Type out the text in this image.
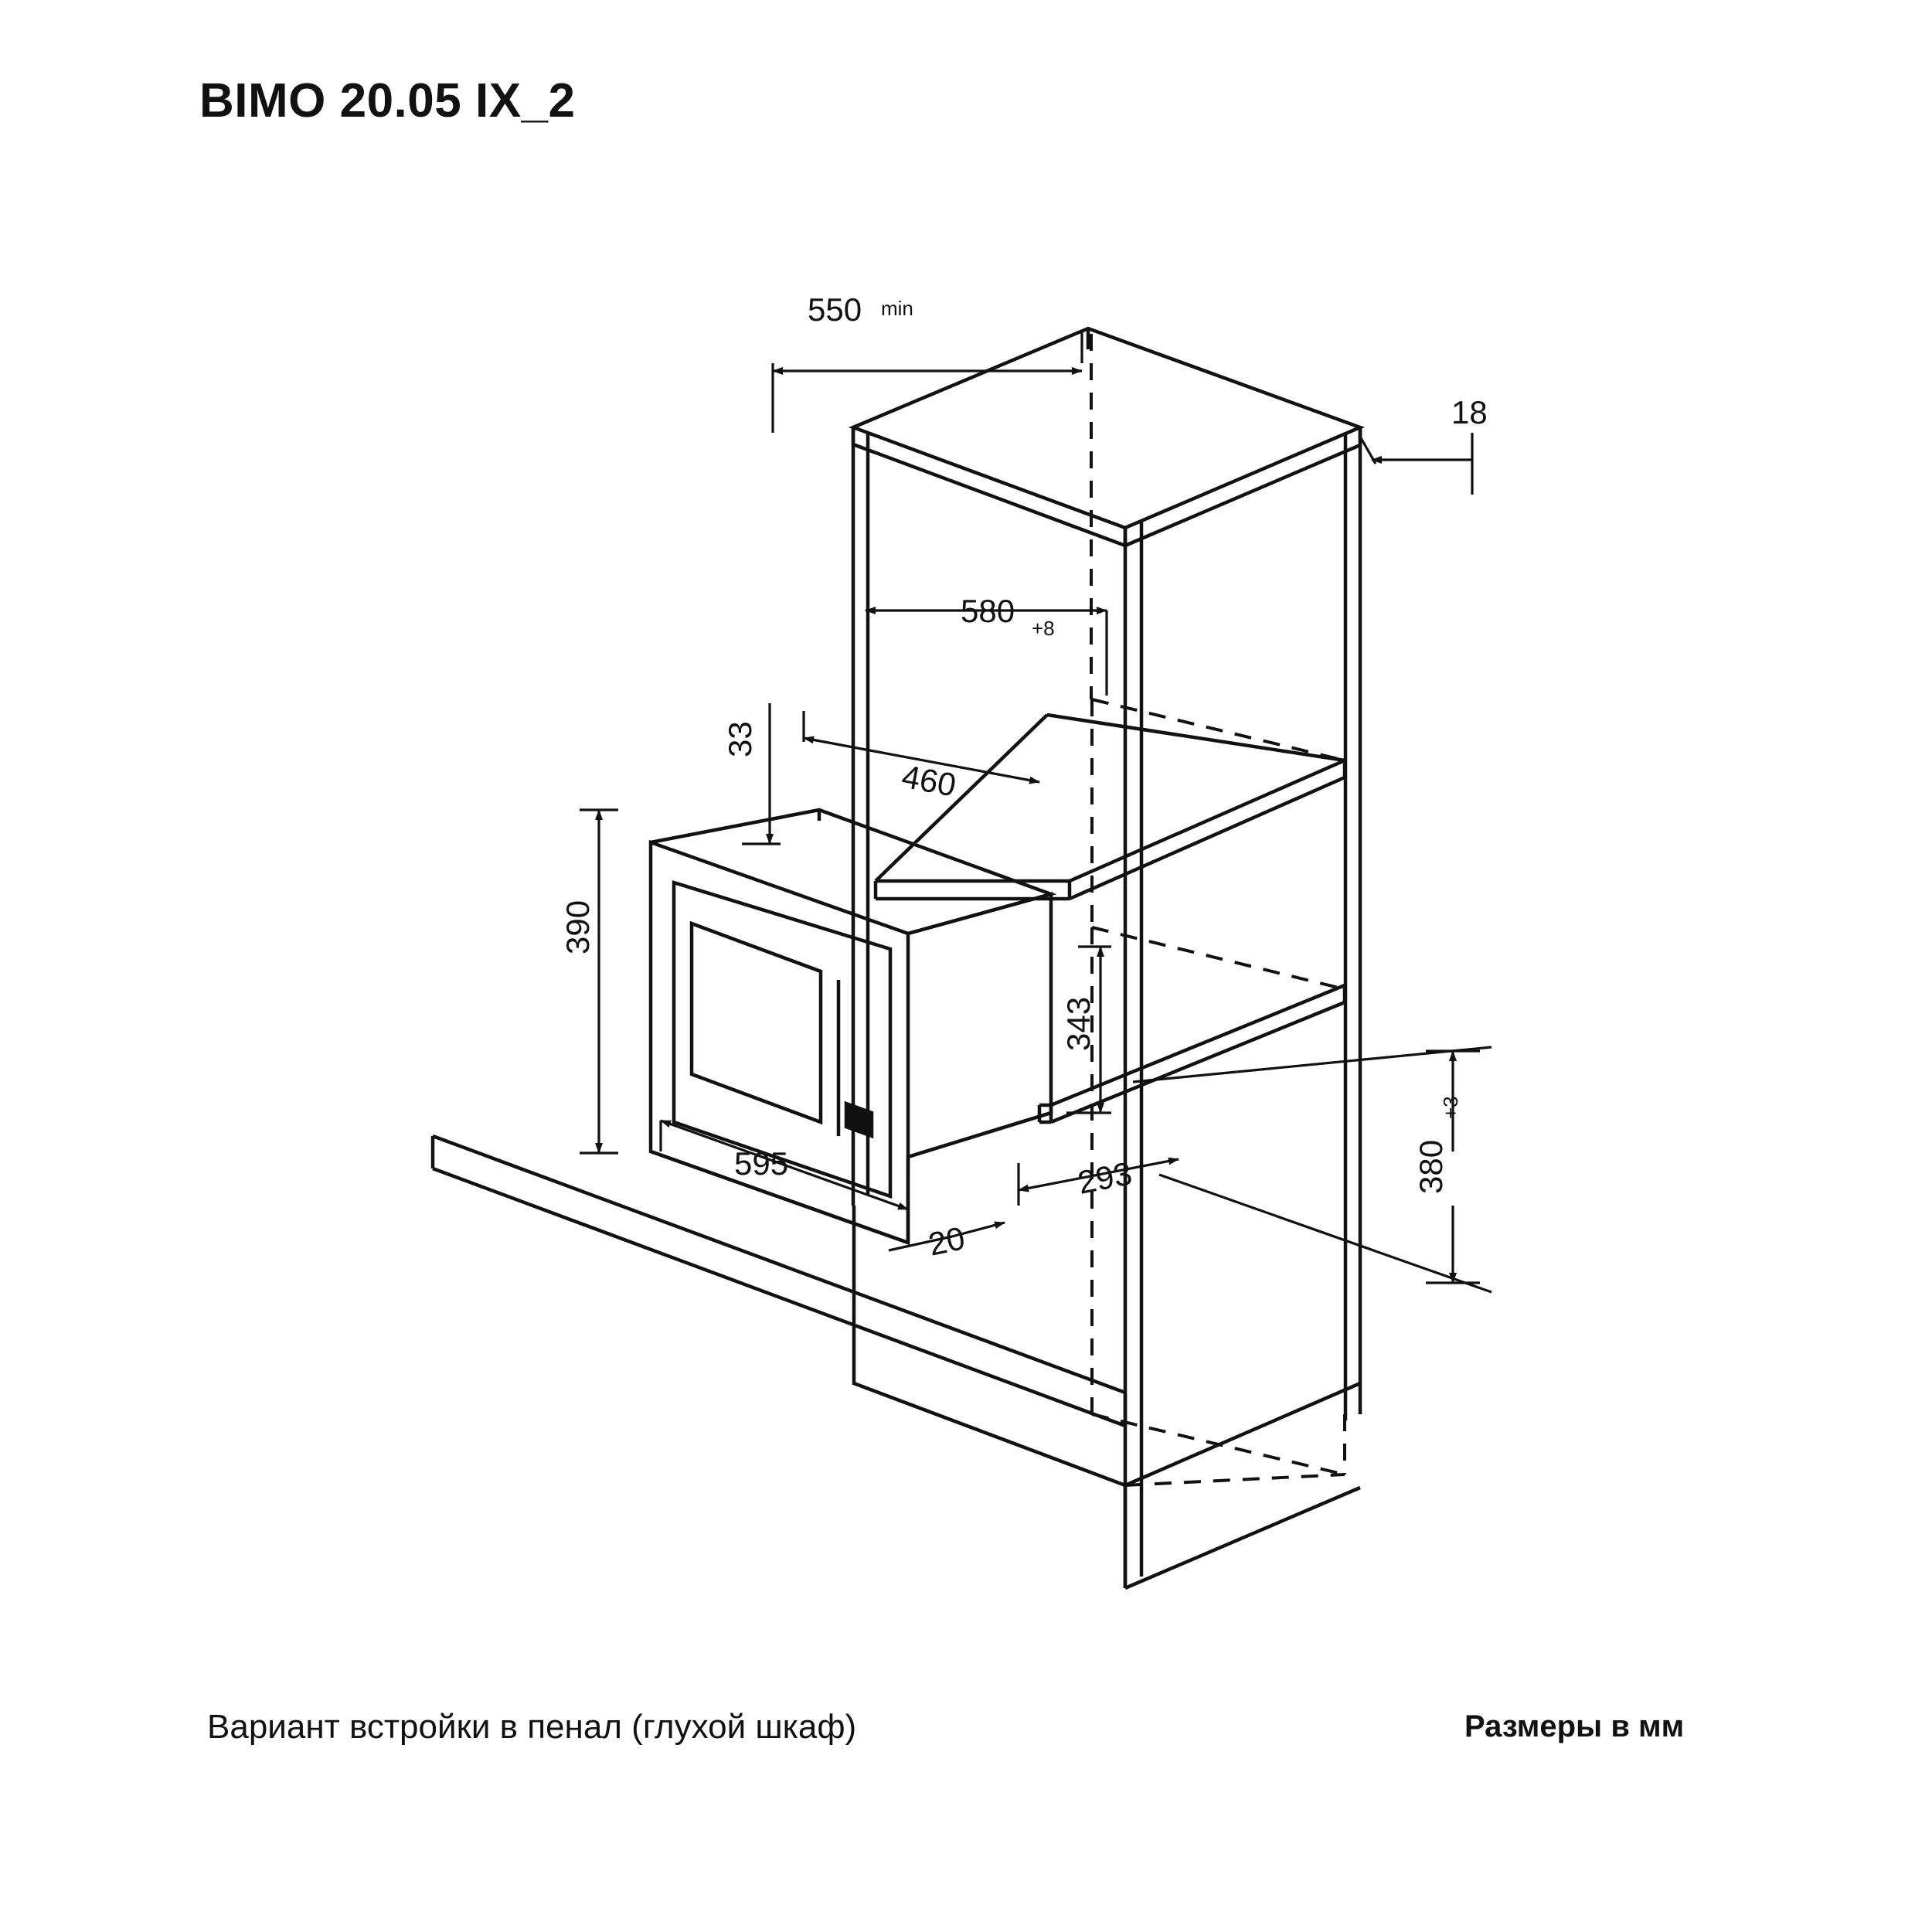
BIMO 20.05 IX_2
550 min
18
580 +8
460
33
390
595
343
20
293	380
+3
Вариант встройки в пенал (глухой шкаф)	Размеры в мм
